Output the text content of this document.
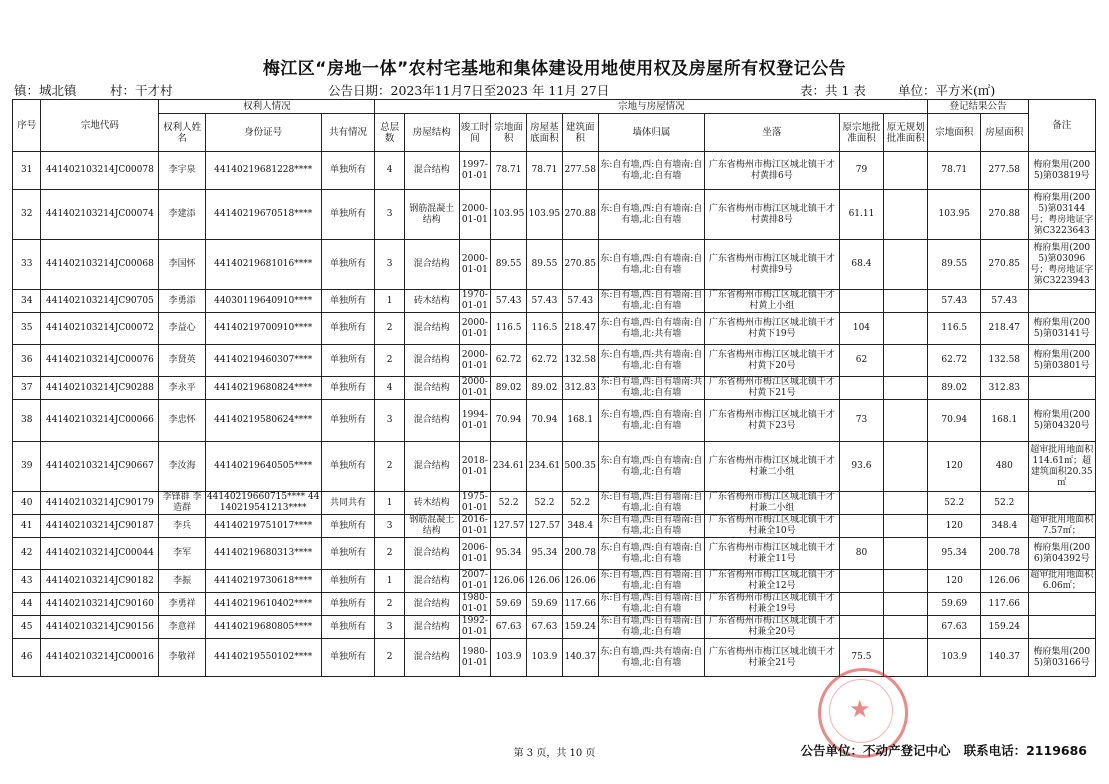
梅江区“房地一体”农村宅基地和集体建设用地使用权及房屋所有权登记公告
镇：城北镇	村：干才村	公告日期：2023年11月7日至2023 年 11月 27日	表：共 1 表	单位：平方米(㎡)
序号	宗地代码	权利人情况			宗地与房屋情况										登记结果公告		备注
		权利人姓名	身份证号	共有情况	总层数	房屋结构	竣工时间	宗地面积	房屋基底面积	建筑面积	墙体归属	坐落	原宗地批准面积	原无规划批准面积	宗地面积	房屋面积	
31	441402103214JC00078	李宇泉	44140219681228****	单独所有	4	混合结构	1997-01-01	78.71	78.71	277.58	东:自有墙,西:自有墙南:自有墙,北:自有墙	广东省梅州市梅江区城北镇干才村黄排6号	79		78.71	277.58	梅府集用(2005)第03819号
32	441402103214JC00074	李建添	44140219670518****	单独所有	3	钢筋混凝土结构	2000-01-01	103.95	103.95	270.88	东:自有墙,西:自有墙南:自有墙,北:自有墙	广东省梅州市梅江区城北镇干才村黄排8号	61.11		103.95	270.88	梅府集用(2005)第03144号；粤房地证字第C3223643
33	441402103214JC00068	李国怀	44140219681016****	单独所有	3	混合结构	2000-01-01	89.55	89.55	270.85	东:自有墙,西:自有墙南:自有墙,北:自有墙	广东省梅州市梅江区城北镇干才村黄排9号	68.4		89.55	270.85	梅府集用(2005)第03096号；粤房地证字第C3223943
34	441402103214JC90705	李勇添	44030119640910****	单独所有	1	砖木结构	1970-01-01	57.43	57.43	57.43	东:自有墙,西:自有墙南:自有墙,北:自有墙	广东省梅州市梅江区城北镇干才村黄上小组			57.43	57.43	
35	441402103214JC00072	李益心	44140219700910****	单独所有	2	混合结构	2000-01-01	116.5	116.5	218.47	东:自有墙,西:自有墙南:自有墙,北:共有墙	广东省梅州市梅江区城北镇干才村黄下19号	104		116.5	218.47	梅府集用(2005)第03141号
36	441402103214JC00076	李贤英	44140219460307****	单独所有	2	混合结构	2000-01-01	62.72	62.72	132.58	东:自有墙,西:共有墙南:自有墙,北:自有墙	广东省梅州市梅江区城北镇干才村黄下20号	62		62.72	132.58	梅府集用(2005)第03801号
37	441402103214JC90288	李永平	44140219680824****	单独所有	4	混合结构	2000-01-01	89.02	89.02	312.83	东:自有墙,西:自有墙南:共有墙,北:自有墙	广东省梅州市梅江区城北镇干才村黄下21号			89.02	312.83	
38	441402103214JC00066	李忠怀	44140219580624****	单独所有	3	混合结构	1994-01-01	70.94	70.94	168.1	东:自有墙,西:自有墙南:自有墙,北:自有墙	广东省梅州市梅江区城北镇干才村黄下23号	73		70.94	168.1	梅府集用(2005)第04320号
39	441402103214JC90667	李汝海	44140219640505****	单独所有	2	混合结构	2018-01-01	234.61	234.61	500.35	东:自有墙,西:自有墙南:自有墙,北:自有墙	广东省梅州市梅江区城北镇干才村兼二小组	93.6		120	480	超审批用地面积114.61㎡；超建筑面积20.35㎡
40	441402103214JC90179	李锋群 李造群	44140219660715**** 44140219541213****	共同共有	1	砖木结构	1975-01-01	52.2	52.2	52.2	东:自有墙,西:自有墙南:自有墙,北:自有墙	广东省梅州市梅江区城北镇干才村兼二小组			52.2	52.2	
41	441402103214JC90187	李兵	44140219751017****	单独所有	3	钢筋混凝土结构	2016-01-01	127.57	127.57	348.4	东:自有墙,西:自有墙南:自有墙,北:自有墙	广东省梅州市梅江区城北镇干才村兼全10号			120	348.4	超审批用地面积7.57㎡；
42	441402103214JC00044	李军	44140219680313****	单独所有	2	混合结构	2006-01-01	95.34	95.34	200.78	东:自有墙,西:自有墙南:自有墙,北:自有墙	广东省梅州市梅江区城北镇干才村兼全11号	80		95.34	200.78	梅府集用(2006)第04392号
43	441402103214JC90182	李振	44140219730618****	单独所有	1	混合结构	2007-01-01	126.06	126.06	126.06	东:自有墙,西:自有墙南:自有墙,北:自有墙	广东省梅州市梅江区城北镇干才村兼全12号			120	126.06	超审批用地面积6.06㎡；
44	441402103214JC90160	李勇祥	44140219610402****	单独所有	2	混合结构	1980-01-01	59.69	59.69	117.66	东:自有墙,西:自有墙南:自有墙,北:自有墙	广东省梅州市梅江区城北镇干才村兼全19号			59.69	117.66	
45	441402103214JC90156	李意祥	44140219680805****	单独所有	3	混合结构	1992-01-01	67.63	67.63	159.24	东:自有墙,西:自有墙南:自有墙,北:自有墙	广东省梅州市梅江区城北镇干才村兼全20号			67.63	159.24	
46	441402103214JC00016	李敬祥	44140219550102****	单独所有	2	混合结构	1980-01-01	103.9	103.9	140.37	东:自有墙,西:共有墙南:自有墙,北:自有墙	广东省梅州市梅江区城北镇干才村兼全21号	75.5		103.9	140.37	梅府集用(2005)第03166号
★
第 3 页，共 10 页	公告单位：不动产登记中心 联系电话：2119686
